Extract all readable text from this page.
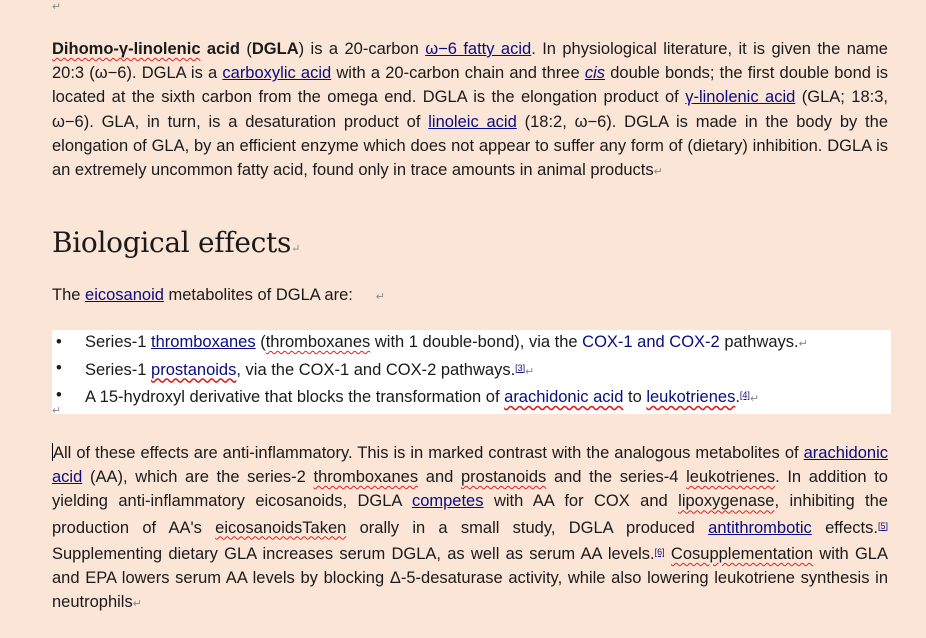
↵

Dihomo-γ-linolenic acid (DGLA) is a 20-carbon ω−6 fatty acid. In physiological literature, it is given the name 20:3 (ω−6). DGLA is a carboxylic acid with a 20-carbon chain and three cis double bonds; the first double bond is located at the sixth carbon from the omega end. DGLA is the elongation product of γ-linolenic acid (GLA; 18:3, ω−6). GLA, in turn, is a desaturation product of linoleic acid (18:2, ω−6). DGLA is made in the body by the elongation of GLA, by an efficient enzyme which does not appear to suffer any form of (dietary) inhibition. DGLA is an extremely uncommon fatty acid, found only in trace amounts in animal products↵

Biological effects↵

The eicosanoid metabolites of DGLA are: ↵

• Series-1 thromboxanes (thromboxanes with 1 double-bond), via the COX-1 and COX-2 pathways.↵
• Series-1 prostanoids, via the COX-1 and COX-2 pathways.[3]↵
• A 15-hydroxyl derivative that blocks the transformation of arachidonic acid to leukotrienes.[4]↵
↵

All of these effects are anti-inflammatory. This is in marked contrast with the analogous metabolites of arachidonic acid (AA), which are the series-2 thromboxanes and prostanoids and the series-4 leukotrienes. In addition to yielding anti-inflammatory eicosanoids, DGLA competes with AA for COX and lipoxygenase, inhibiting the production of AA's eicosanoidsTaken orally in a small study, DGLA produced antithrombotic effects.[5] Supplementing dietary GLA increases serum DGLA, as well as serum AA levels.[6] Cosupplementation with GLA and EPA lowers serum AA levels by blocking Δ-5-desaturase activity, while also lowering leukotriene synthesis in neutrophils↵
